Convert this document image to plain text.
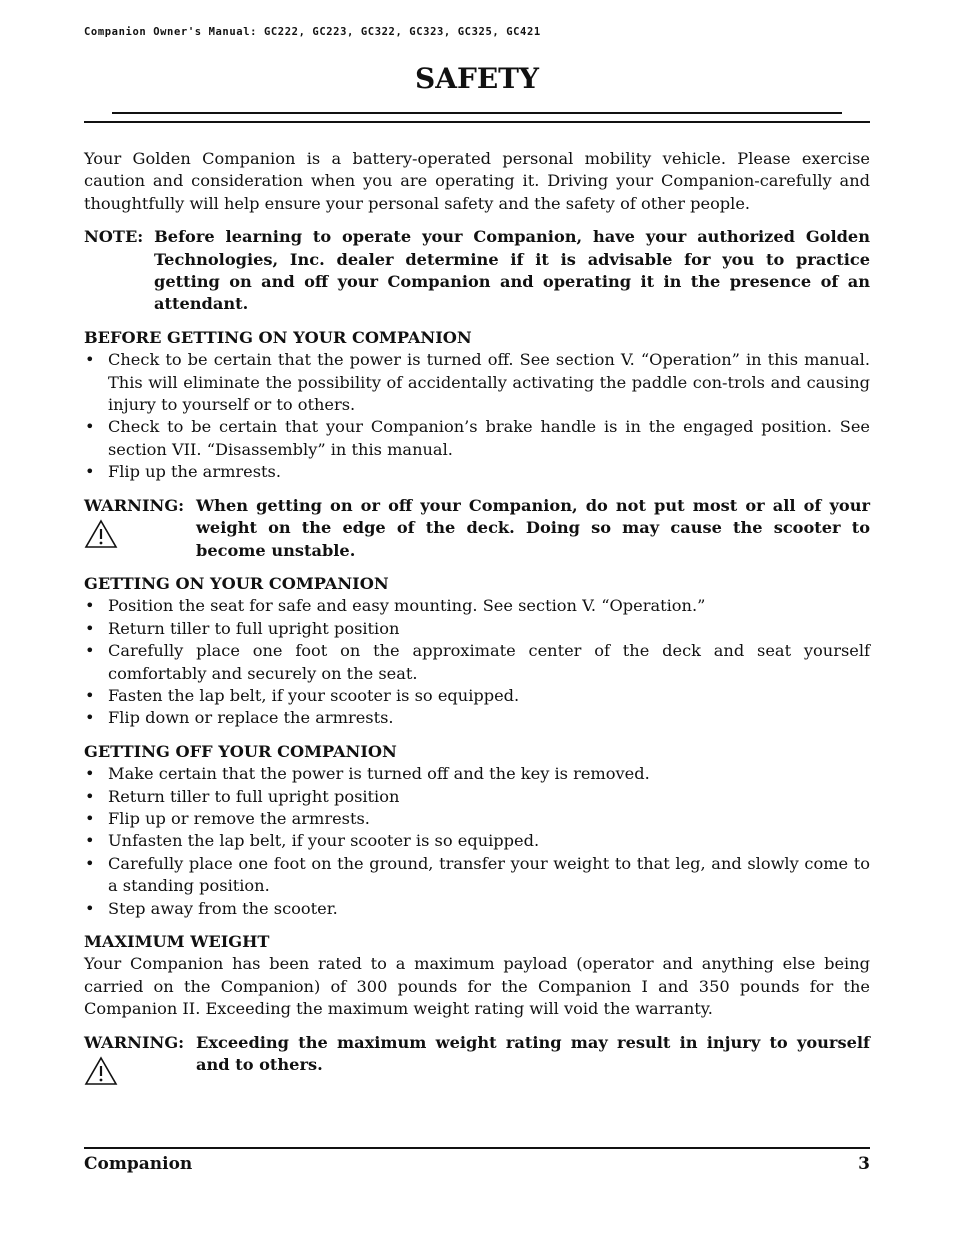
Companion Owner's Manual: GC222, GC223, GC322, GC323, GC325, GC421
SAFETY

Your Golden Companion is a battery-operated personal mobility vehicle. Please exercise caution and consideration when you are operating it. Driving your Companion-carefully and thoughtfully will help ensure your personal safety and the safety of other people.

NOTE: Before learning to operate your Companion, have your authorized Golden Technologies, Inc. dealer determine if it is advisable for you to practice getting on and off your Companion and operating it in the presence of an attendant.

BEFORE GETTING ON YOUR COMPANION

• Check to be certain that the power is turned off. See section V. “Operation” in this manual. This will eliminate the possibility of accidentally activating the paddle con-trols and causing injury to yourself or to others.
• Check to be certain that your Companion’s brake handle is in the engaged position. See section VII. “Disassembly” in this manual.
• Flip up the armrests.
WARNING: When getting on or off your Companion, do not put most or all of your weight on the edge of the deck. Doing so may cause the scooter to become unstable.

GETTING ON YOUR COMPANION

• Position the seat for safe and easy mounting. See section V. “Operation.”
• Return tiller to full upright position
• Carefully place one foot on the approximate center of the deck and seat yourself comfortably and securely on the seat.
• Fasten the lap belt, if your scooter is so equipped.
• Flip down or replace the armrests.

GETTING OFF YOUR COMPANION

• Make certain that the power is turned off and the key is removed.
• Return tiller to full upright position
• Flip up or remove the armrests.
• Unfasten the lap belt, if your scooter is so equipped.
• Carefully place one foot on the ground, transfer your weight to that leg, and slowly come to a standing position.
• Step away from the scooter.

MAXIMUM WEIGHT

Your Companion has been rated to a maximum payload (operator and anything else being carried on the Companion) of 300 pounds for the Companion I and 350 pounds for the Companion II. Exceeding the maximum weight rating will void the warranty.

WARNING: Exceeding the maximum weight rating may result in injury to yourself and to others.

Companion	3
